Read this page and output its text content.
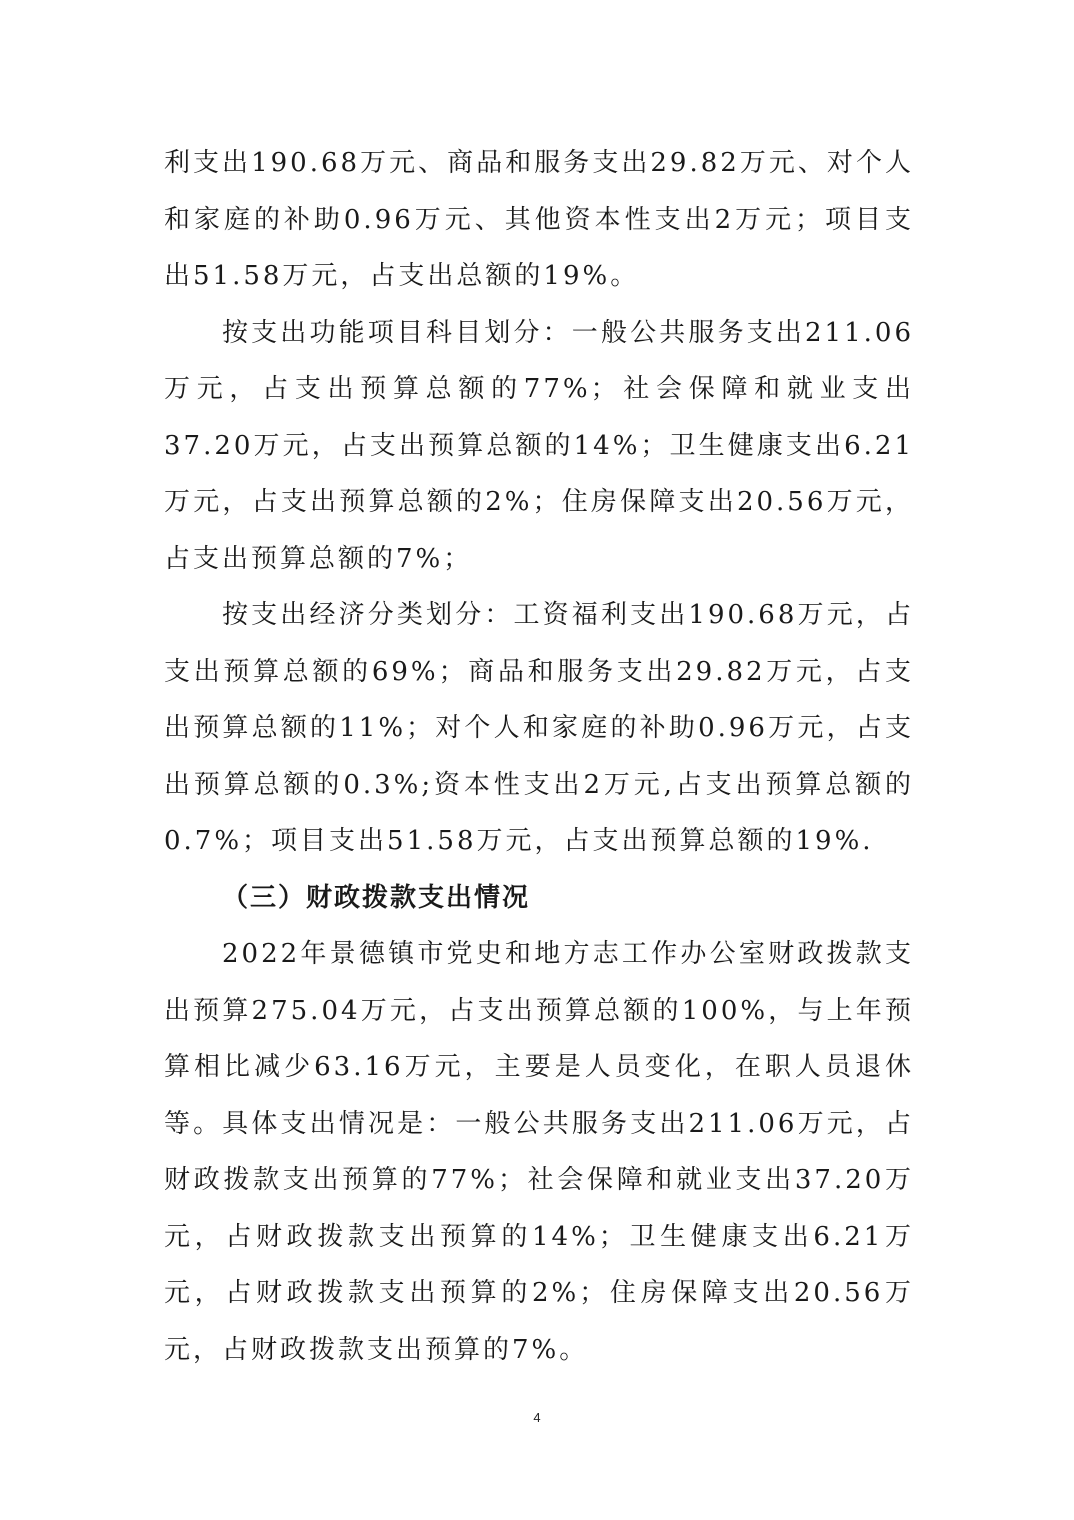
利支出190.68万元、商品和服务支出29.82万元、对个人和家庭的补助0.96万元、其他资本性支出2万元；项目支出51.58万元，占支出总额的19%。

按支出功能项目科目划分：一般公共服务支出211.06万元，占支出预算总额的77%；社会保障和就业支出37.20万元，占支出预算总额的14%；卫生健康支出6.21万元，占支出预算总额的2%；住房保障支出20.56万元，占支出预算总额的7%；

按支出经济分类划分：工资福利支出190.68万元，占支出预算总额的69%；商品和服务支出29.82万元，占支出预算总额的11%；对个人和家庭的补助0.96万元，占支出预算总额的0.3%;资本性支出2万元,占支出预算总额的0.7%；项目支出51.58万元，占支出预算总额的19%.

（三）财政拨款支出情况

2022年景德镇市党史和地方志工作办公室财政拨款支出预算275.04万元，占支出预算总额的100%，与上年预算相比减少63.16万元，主要是人员变化，在职人员退休等。具体支出情况是：一般公共服务支出211.06万元，占财政拨款支出预算的77%；社会保障和就业支出37.20万元，占财政拨款支出预算的14%；卫生健康支出6.21万元，占财政拨款支出预算的2%；住房保障支出20.56万元，占财政拨款支出预算的7%。

4
